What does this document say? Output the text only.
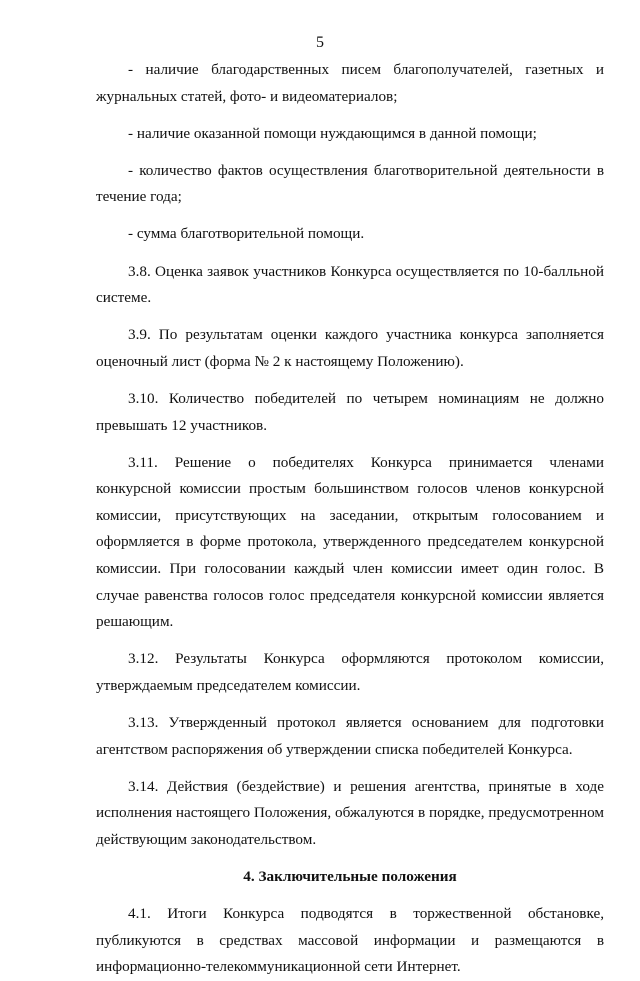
5

- наличие благодарственных писем благополучателей, газетных и журнальных статей, фото- и видеоматериалов;

- наличие оказанной помощи нуждающимся в данной помощи;

- количество фактов осуществления благотворительной деятельности в течение года;

- сумма благотворительной помощи.

3.8. Оценка заявок участников Конкурса осуществляется по 10-балльной системе.

3.9. По результатам оценки каждого участника конкурса заполняется оценочный лист (форма № 2 к настоящему Положению).

3.10. Количество победителей по четырем номинациям не должно превышать 12 участников.

3.11. Решение о победителях Конкурса принимается членами конкурсной комиссии простым большинством голосов членов конкурсной комиссии, присутствующих на заседании, открытым голосованием и оформляется в форме протокола, утвержденного председателем конкурсной комиссии. При голосовании каждый член комиссии имеет один голос. В случае равенства голосов голос председателя конкурсной комиссии является решающим.

3.12. Результаты Конкурса оформляются протоколом комиссии, утверждаемым председателем комиссии.

3.13. Утвержденный протокол является основанием для подготовки агентством распоряжения об утверждении списка победителей Конкурса.

3.14. Действия (бездействие) и решения агентства, принятые в ходе исполнения настоящего Положения, обжалуются в порядке, предусмотренном действующим законодательством.

4. Заключительные положения

4.1. Итоги Конкурса подводятся в торжественной обстановке, публикуются в средствах массовой информации и размещаются в информационно-телекоммуникационной сети Интернет.
